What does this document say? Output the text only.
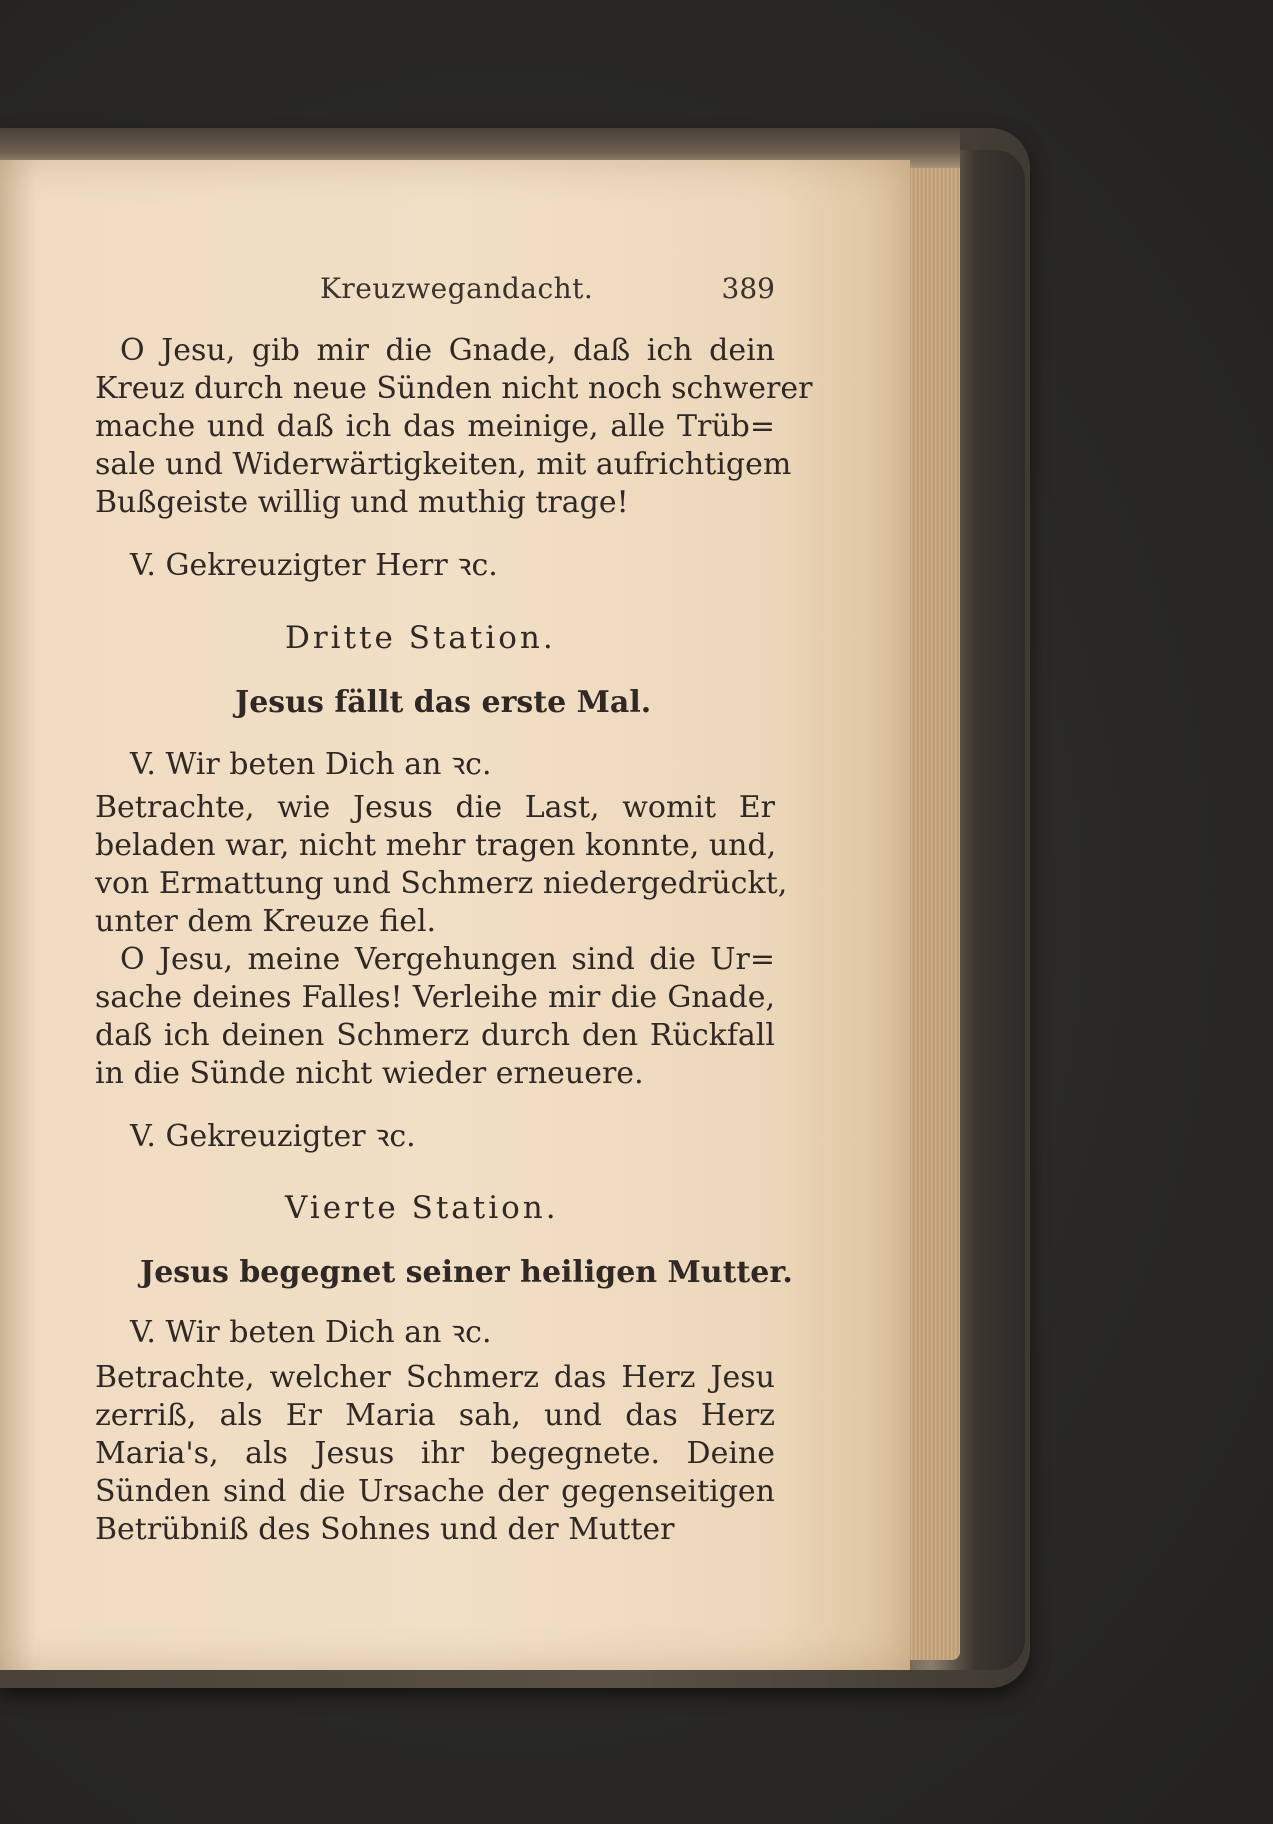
Kreuzwegandacht.	389
O Jesu, gib mir die Gnade, daß ich dein
Kreuz durch neue Sünden nicht noch schwerer
mache und daß ich das meinige, alle Trüb=
sale und Widerwärtigkeiten, mit aufrichtigem
Bußgeiste willig und muthig trage!
V. Gekreuzigter Herr ꝛc.
Dritte Station.
Jesus fällt das erste Mal.
V. Wir beten Dich an ꝛc.
Betrachte, wie Jesus die Last, womit Er
beladen war, nicht mehr tragen konnte, und,
von Ermattung und Schmerz niedergedrückt,
unter dem Kreuze fiel.
O Jesu, meine Vergehungen sind die Ur=
sache deines Falles! Verleihe mir die Gnade,
daß ich deinen Schmerz durch den Rückfall
in die Sünde nicht wieder erneuere.
V. Gekreuzigter ꝛc.
Vierte Station.
Jesus begegnet seiner heiligen Mutter.
V. Wir beten Dich an ꝛc.
Betrachte, welcher Schmerz das Herz Jesu
zerriß, als Er Maria sah, und das Herz
Maria's, als Jesus ihr begegnete. Deine
Sünden sind die Ursache der gegenseitigen
Betrübniß des Sohnes und der Mutter
